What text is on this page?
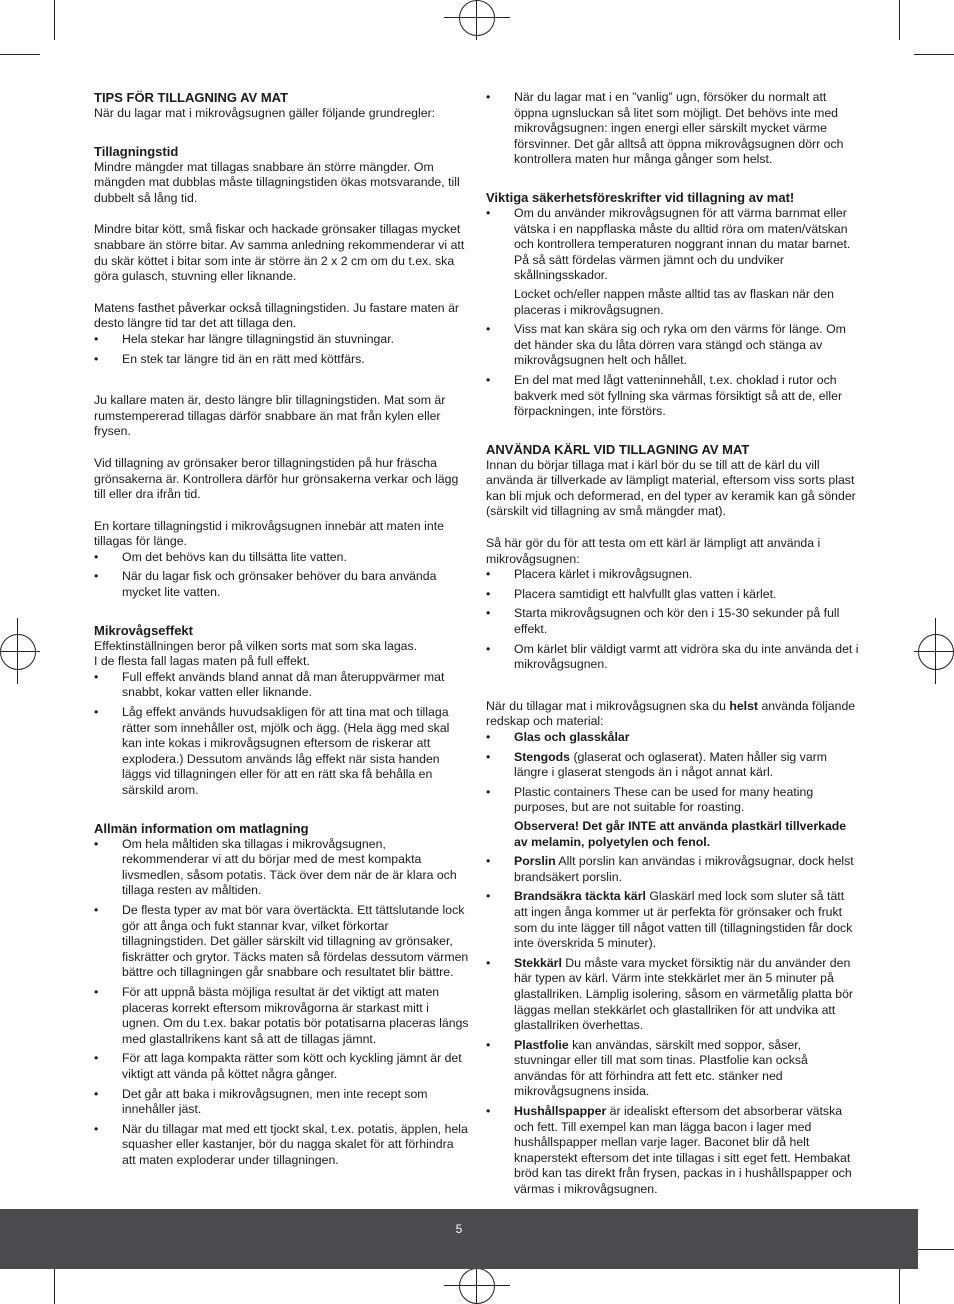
TIPS FÖR TILLAGNING AV MAT

När du lagar mat i mikrovågsugnen gäller följande grundregler:

Tillagningstid

Mindre mängder mat tillagas snabbare än större mängder. Om mängden mat dubblas måste tillagningstiden ökas motsvarande, till dubbelt så lång tid.

Mindre bitar kött, små fiskar och hackade grönsaker tillagas mycket snabbare än större bitar. Av samma anledning rekommenderar vi att du skär köttet i bitar som inte är större än 2 x 2 cm om du t.ex. ska göra gulasch, stuvning eller liknande.

Matens fasthet påverkar också tillagningstiden. Ju fastare maten är desto längre tid tar det att tillaga den.

• Hela stekar har längre tillagningstid än stuvningar.
• En stek tar längre tid än en rätt med köttfärs.

Ju kallare maten är, desto längre blir tillagningstiden. Mat som är rumstempererad tillagas därför snabbare än mat från kylen eller frysen.

Vid tillagning av grönsaker beror tillagningstiden på hur fräscha grönsakerna är. Kontrollera därför hur grönsakerna verkar och lägg till eller dra ifrån tid.

En kortare tillagningstid i mikrovågsugnen innebär att maten inte tillagas för länge.

• Om det behövs kan du tillsätta lite vatten.
• När du lagar fisk och grönsaker behöver du bara använda mycket lite vatten.
Mikrovågseffekt

Effektinställningen beror på vilken sorts mat som ska lagas.

I de flesta fall lagas maten på full effekt.

• Full effekt används bland annat då man återuppvärmer mat snabbt, kokar vatten eller liknande.
• Låg effekt används huvudsakligen för att tina mat och tillaga rätter som innehåller ost, mjölk och ägg. (Hela ägg med skal kan inte kokas i mikrovågsugnen eftersom de riskerar att explodera.) Dessutom används låg effekt när sista handen läggs vid tillagningen eller för att en rätt ska få behålla en särskild arom.
Allmän information om matlagning
• Om hela måltiden ska tillagas i mikrovågsugnen, rekommenderar vi att du börjar med de mest kompakta livsmedlen, såsom potatis. Täck över dem när de är klara och tillaga resten av måltiden.
• De flesta typer av mat bör vara övertäckta. Ett tättslutande lock gör att ånga och fukt stannar kvar, vilket förkortar tillagningstiden. Det gäller särskilt vid tillagning av grönsaker, fiskrätter och grytor. Täcks maten så fördelas dessutom värmen bättre och tillagningen går snabbare och resultatet blir bättre.
• För att uppnå bästa möjliga resultat är det viktigt att maten placeras korrekt eftersom mikrovågorna är starkast mitt i ugnen. Om du t.ex. bakar potatis bör potatisarna placeras längs med glastallrikens kant så att de tillagas jämnt.
• För att laga kompakta rätter som kött och kyckling jämnt är det viktigt att vända på köttet några gånger.
• Det går att baka i mikrovågsugnen, men inte recept som innehåller jäst.
• När du tillagar mat med ett tjockt skal, t.ex. potatis, äpplen, hela squasher eller kastanjer, bör du nagga skalet för att förhindra att maten exploderar under tillagningen.
• När du lagar mat i en ”vanlig” ugn, försöker du normalt att öppna ugnsluckan så litet som möjligt. Det behövs inte med mikrovågsugnen: ingen energi eller särskilt mycket värme försvinner. Det går alltså att öppna mikrovågsugnen dörr och kontrollera maten hur många gånger som helst.
Viktiga säkerhetsföreskrifter vid tillagning av mat!
• Om du använder mikrovågsugnen för att värma barnmat eller vätska i en nappflaska måste du alltid röra om maten/vätskan och kontrollera temperaturen noggrant innan du matar barnet. På så sätt fördelas värmen jämnt och du undviker skållningsskador.

Locket och/eller nappen måste alltid tas av flaskan när den placeras i mikrovågsugnen.

• Viss mat kan skära sig och ryka om den värms för länge. Om det händer ska du låta dörren vara stängd och stänga av mikrovågsugnen helt och hållet.
• En del mat med lågt vatteninnehåll, t.ex. choklad i rutor och bakverk med söt fyllning ska värmas försiktigt så att de, eller förpackningen, inte förstörs.
ANVÄNDA KÄRL VID TILLAGNING AV MAT

Innan du börjar tillaga mat i kärl bör du se till att de kärl du vill använda är tillverkade av lämpligt material, eftersom viss sorts plast kan bli mjuk och deformerad, en del typer av keramik kan gå sönder (särskilt vid tillagning av små mängder mat).

Så här gör du för att testa om ett kärl är lämpligt att använda i mikrovågsugnen:

• Placera kärlet i mikrovågsugnen.
• Placera samtidigt ett halvfullt glas vatten i kärlet.
• Starta mikrovågsugnen och kör den i 15-30 sekunder på full effekt.
• Om kärlet blir väldigt varmt att vidröra ska du inte använda det i mikrovågsugnen.

När du tillagar mat i mikrovågsugnen ska du helst använda följande redskap och material:

• Glas och glasskålar
• Stengods (glaserat och oglaserat). Maten håller sig varm längre i glaserat stengods än i något annat kärl.
• Plastic containers These can be used for many heating purposes, but are not suitable for roasting.

Observera! Det går INTE att använda plastkärl tillverkade av melamin, polyetylen och fenol.

• Porslin Allt porslin kan användas i mikrovågsugnar, dock helst brandsäkert porslin.
• Brandsäkra täckta kärl Glaskärl med lock som sluter så tätt att ingen ånga kommer ut är perfekta för grönsaker och frukt som du inte lägger till något vatten till (tillagningstiden får dock inte överskrida 5 minuter).
• Stekkärl Du måste vara mycket försiktig när du använder den här typen av kärl. Värm inte stekkärlet mer än 5 minuter på glastallriken. Lämplig isolering, såsom en värmetålig platta bör läggas mellan stekkärlet och glastallriken för att undvika att glastallriken överhettas.
• Plastfolie kan användas, särskilt med soppor, såser, stuvningar eller till mat som tinas. Plastfolie kan också användas för att förhindra att fett etc. stänker ned mikrovågsugnens insida.
• Hushållspapper är idealiskt eftersom det absorberar vätska och fett. Till exempel kan man lägga bacon i lager med hushållspapper mellan varje lager. Baconet blir då helt knaperstekt eftersom det inte tillagas i sitt eget fett. Hembakat bröd kan tas direkt från frysen, packas in i hushållspapper och värmas i mikrovågsugnen.
5
